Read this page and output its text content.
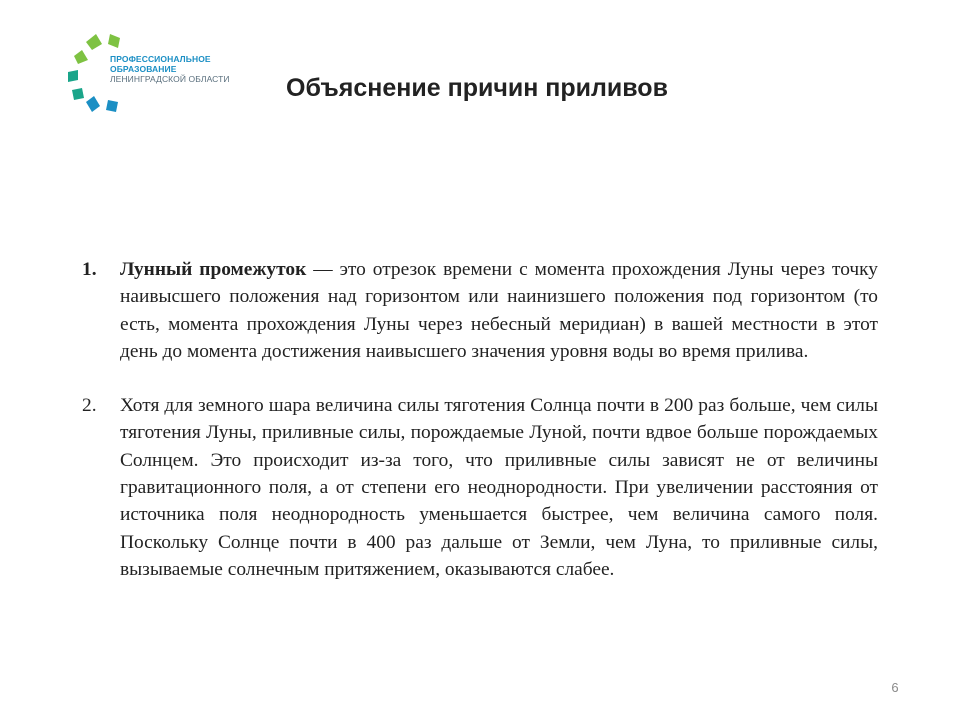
ПРОФЕССИОНАЛЬНОЕ
ОБРАЗОВАНИЕ
ЛЕНИНГРАДСКОЙ ОБЛАСТИ Объяснение причин приливов
1.	Лунный промежуток — это отрезок времени с момента прохождения Луны через точку наивысшего положения над горизонтом или наинизшего положения под горизонтом (то есть, момента прохождения Луны через небесный меридиан) в вашей местности в этот день до момента достижения наивысшего значения уровня воды во время прилива.
2.	Хотя для земного шара величина силы тяготения Солнца почти в 200 раз больше, чем силы тяготения Луны, приливные силы, порождаемые Луной, почти вдвое больше порождаемых Солнцем. Это происходит из-за того, что приливные силы зависят не от величины гравитационного поля, а от степени его неоднородности. При увеличении расстояния от источника поля неоднородность уменьшается быстрее, чем величина самого поля. Поскольку Солнце почти в 400 раз дальше от Земли, чем Луна, то приливные силы, вызываемые солнечным притяжением, оказываются слабее.
6
